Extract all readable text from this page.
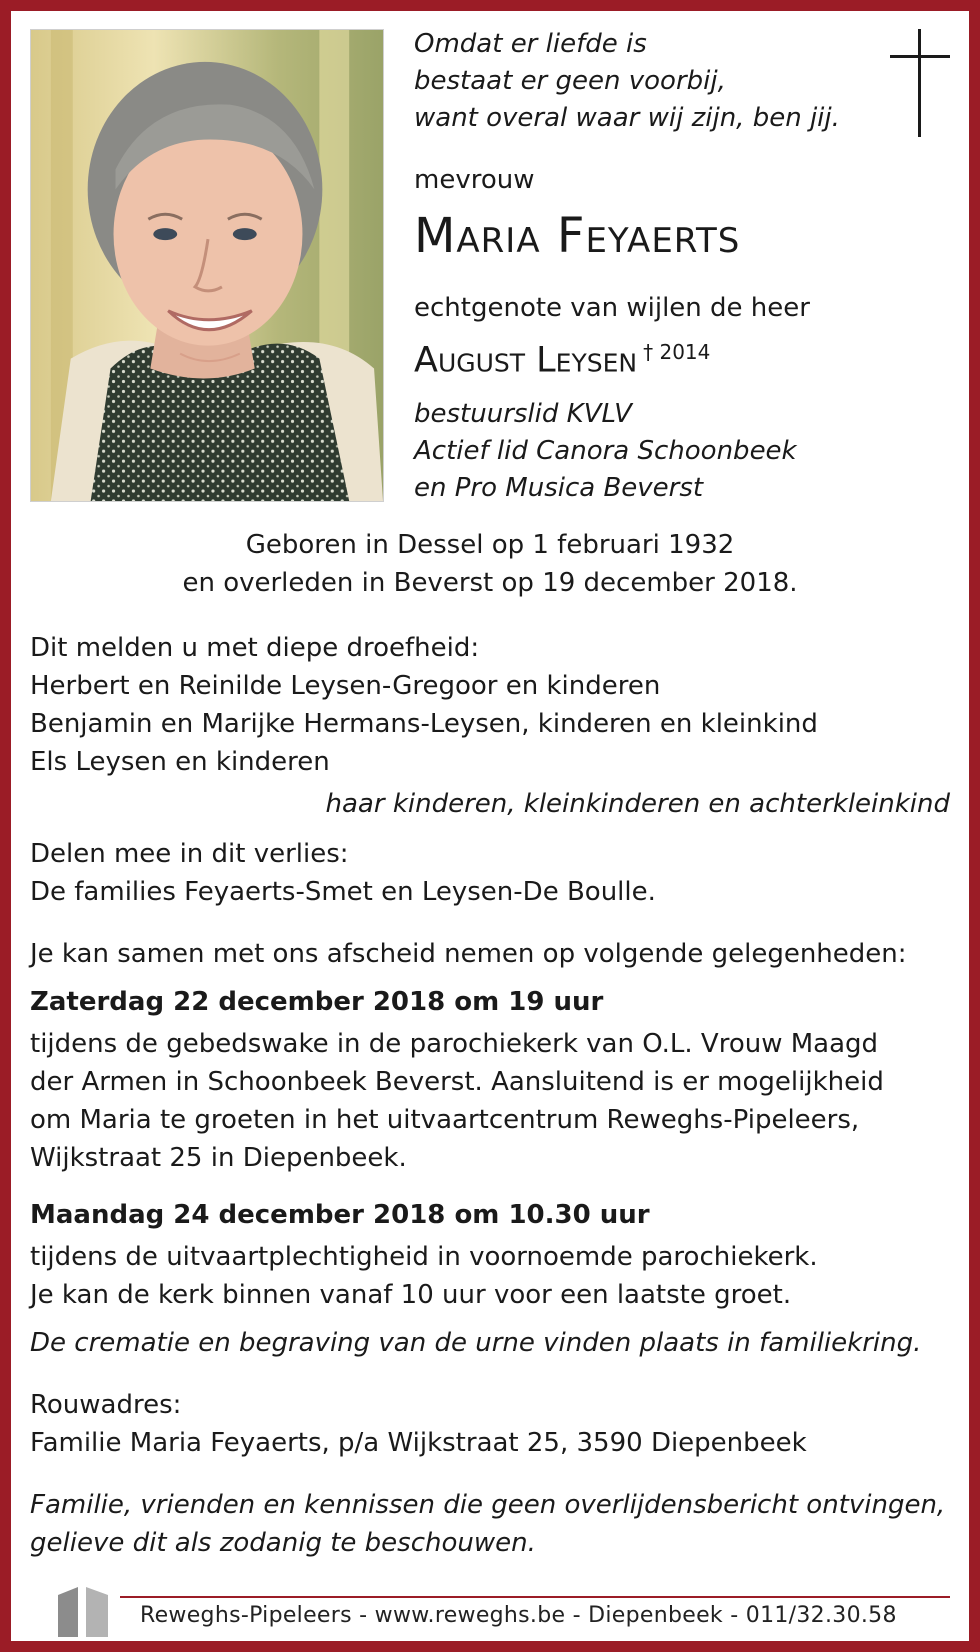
Omdat er liefde is
bestaat er geen voorbij,
want overal waar wij zijn, ben jij.
mevrouw
Maria Feyaerts
echtgenote van wijlen de heer
August Leysen $^{\dagger 2014}$
bestuurslid KVLV
Actief lid Canora Schoonbeek
en Pro Musica Beverst
Geboren in Dessel op 1 februari 1932
en overleden in Beverst op 19 december 2018.
Dit melden u met diepe droefheid:
Herbert en Reinilde Leysen-Gregoor en kinderen
Benjamin en Marijke Hermans-Leysen, kinderen en kleinkind
Els Leysen en kinderen
haar kinderen, kleinkinderen en achterkleinkind
Delen mee in dit verlies:
De families Feyaerts-Smet en Leysen-De Boulle.
Je kan samen met ons afscheid nemen op volgende gelegenheden:
Zaterdag 22 december 2018 om 19 uur
tijdens de gebedswake in de parochiekerk van O.L. Vrouw Maagd
der Armen in Schoonbeek Beverst. Aansluitend is er mogelijkheid
om Maria te groeten in het uitvaartcentrum Reweghs-Pipeleers,
Wijkstraat 25 in Diepenbeek.
Maandag 24 december 2018 om 10.30 uur
tijdens de uitvaartplechtigheid in voornoemde parochiekerk.
Je kan de kerk binnen vanaf 10 uur voor een laatste groet.
De crematie en begraving van de urne vinden plaats in familiekring.
Rouwadres:
Familie Maria Feyaerts, p/a Wijkstraat 25, 3590 Diepenbeek
Familie, vrienden en kennissen die geen overlijdensbericht ontvingen,
gelieve dit als zodanig te beschouwen.
Reweghs-Pipeleers - www.reweghs.be - Diepenbeek - 011/32.30.58
